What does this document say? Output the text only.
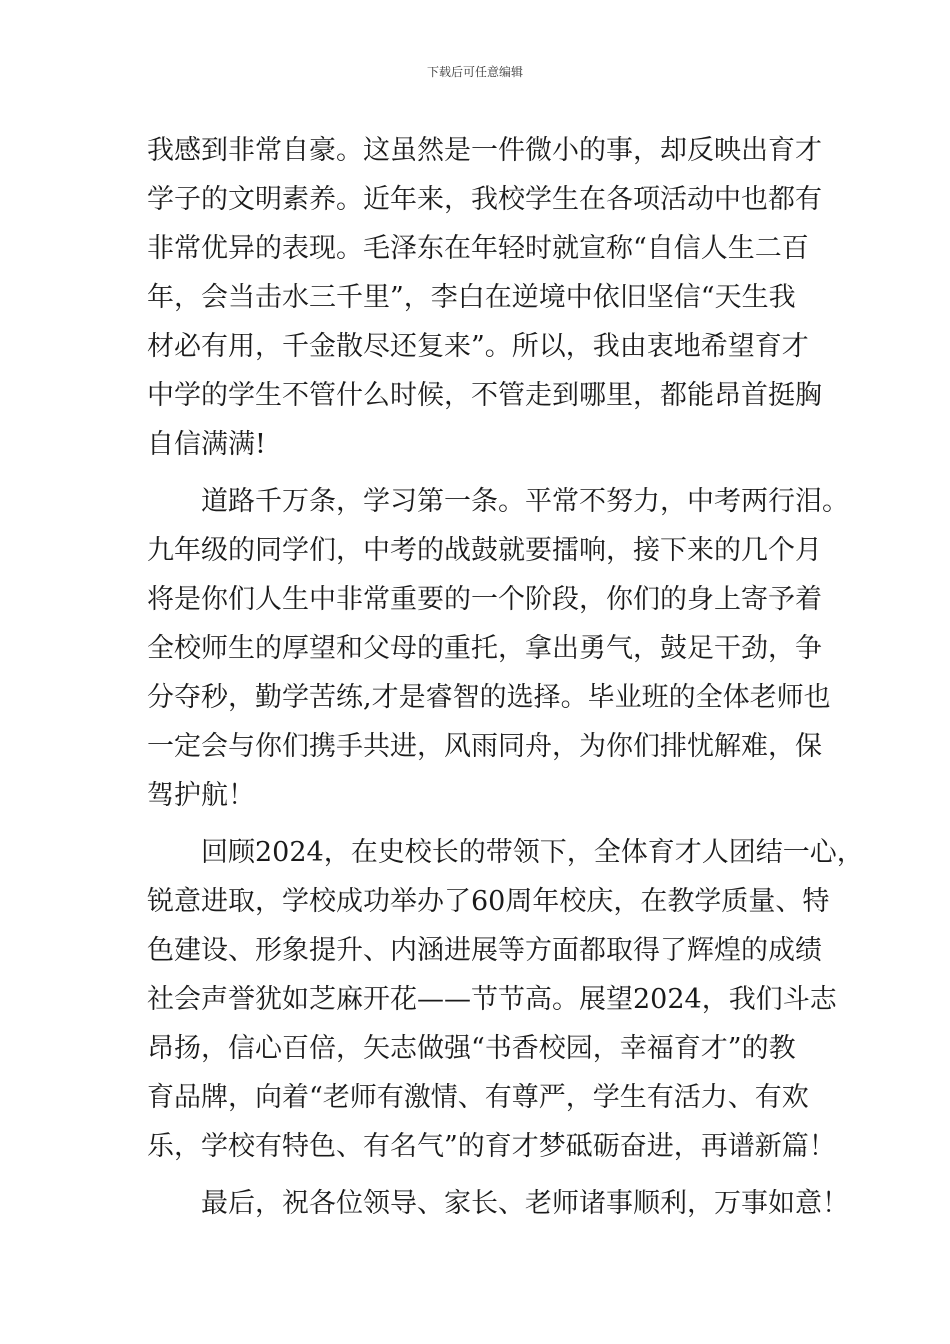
下载后可任意编辑
我感到非常自豪。这虽然是一件微小的事，却反映出育才
学子的文明素养。近年来，我校学生在各项活动中也都有
非常优异的表现。毛泽东在年轻时就宣称“自信人生二百
年，会当击水三千里”，李白在逆境中依旧坚信“天生我
材必有用，千金散尽还复来”。所以，我由衷地希望育才
中学的学生不管什么时候，不管走到哪里，都能昂首挺胸
自信满满!
道路千万条，学习第一条。平常不努力，中考两行泪。
九年级的同学们，中考的战鼓就要擂响，接下来的几个月
将是你们人生中非常重要的一个阶段，你们的身上寄予着
全校师生的厚望和父母的重托，拿出勇气，鼓足干劲，争
分夺秒，勤学苦练,才是睿智的选择。毕业班的全体老师也
一定会与你们携手共进，风雨同舟，为你们排忧解难，保
驾护航！
回顾2024，在史校长的带领下，全体育才人团结一心，
锐意进取，学校成功举办了60周年校庆，在教学质量、特
色建设、形象提升、内涵进展等方面都取得了辉煌的成绩
社会声誉犹如芝麻开花——节节高。展望2024，我们斗志
昂扬，信心百倍，矢志做强“书香校园，幸福育才”的教
育品牌，向着“老师有激情、有尊严，学生有活力、有欢
乐，学校有特色、有名气”的育才梦砥砺奋进，再谱新篇！
最后，祝各位领导、家长、老师诸事顺利，万事如意！
